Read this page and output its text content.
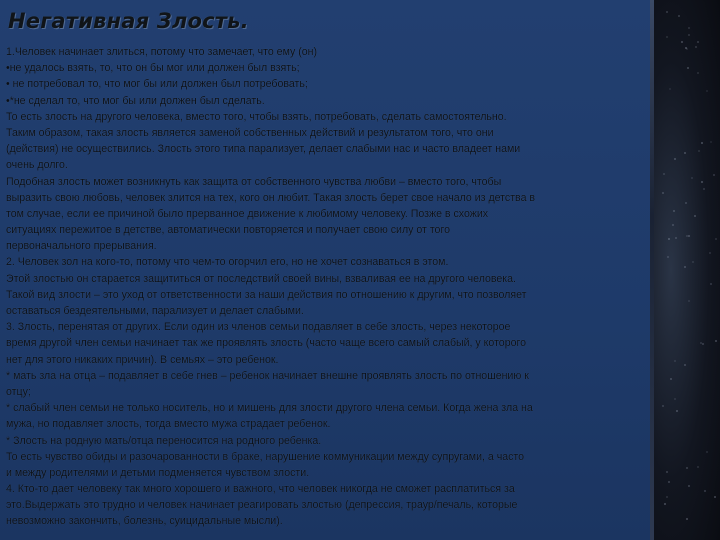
Негативная Злость.
1.Человек начинает злиться, потому что замечает, что ему (он)
•не удалось взять, то, что он бы мог или должен был взять;
• не потребовал то, что мог бы или должен был потребовать;
•*не сделал то, что мог бы или должен был сделать.
То есть злость на другого человека, вместо того, чтобы взять, потребовать, сделать самостоятельно.
Таким образом, такая злость является заменой собственных действий и результатом того, что они
(действия) не осуществились. Злость этого типа парализует, делает слабыми нас и часто владеет нами
очень долго.
Подобная злость может возникнуть как защита от собственного чувства любви – вместо того, чтобы
выразить свою любовь, человек злится на тех, кого он любит. Такая злость берет свое начало из детства в
том случае, если ее причиной было прерванное движение к любимому человеку. Позже в схожих
ситуациях пережитое в детстве, автоматически повторяется и получает свою силу от того
первоначального прерывания.
2. Человек зол на кого-то, потому что чем-то огорчил его, но не хочет сознаваться в этом.
Этой злостью он старается защититься от последствий своей вины, взваливая ее на другого человека.
Такой вид злости – это уход от ответственности за наши действия по отношению к другим, что позволяет
оставаться бездеятельными, парализует и делает слабыми.
3. Злость, перенятая от других. Если один из членов семьи подавляет в себе злость, через некоторое
время другой член семьи начинает так же проявлять злость (часто чаще всего самый слабый, у которого
нет для этого никаких причин). В семьях – это ребенок.
* мать зла на отца – подавляет в себе гнев – ребенок начинает внешне проявлять злость по отношению к
отцу;
* слабый член семьи не только носитель, но и мишень для злости другого члена семьи. Когда жена зла на
мужа, но подавляет злость, тогда вместо мужа страдает ребенок.
* Злость на родную мать/отца переносится на родного ребенка.
То есть чувство обиды и разочарованности в браке, нарушение коммуникации между супругами, а часто
и между родителями и детьми подменяется чувством злости.
4. Кто-то дает человеку так много хорошего и важного, что человек никогда не сможет расплатиться за
это.Выдержать это трудно и человек начинает реагировать злостью (депрессия, траур/печаль, которые
невозможно закончить, болезнь, суицидальные мысли).
